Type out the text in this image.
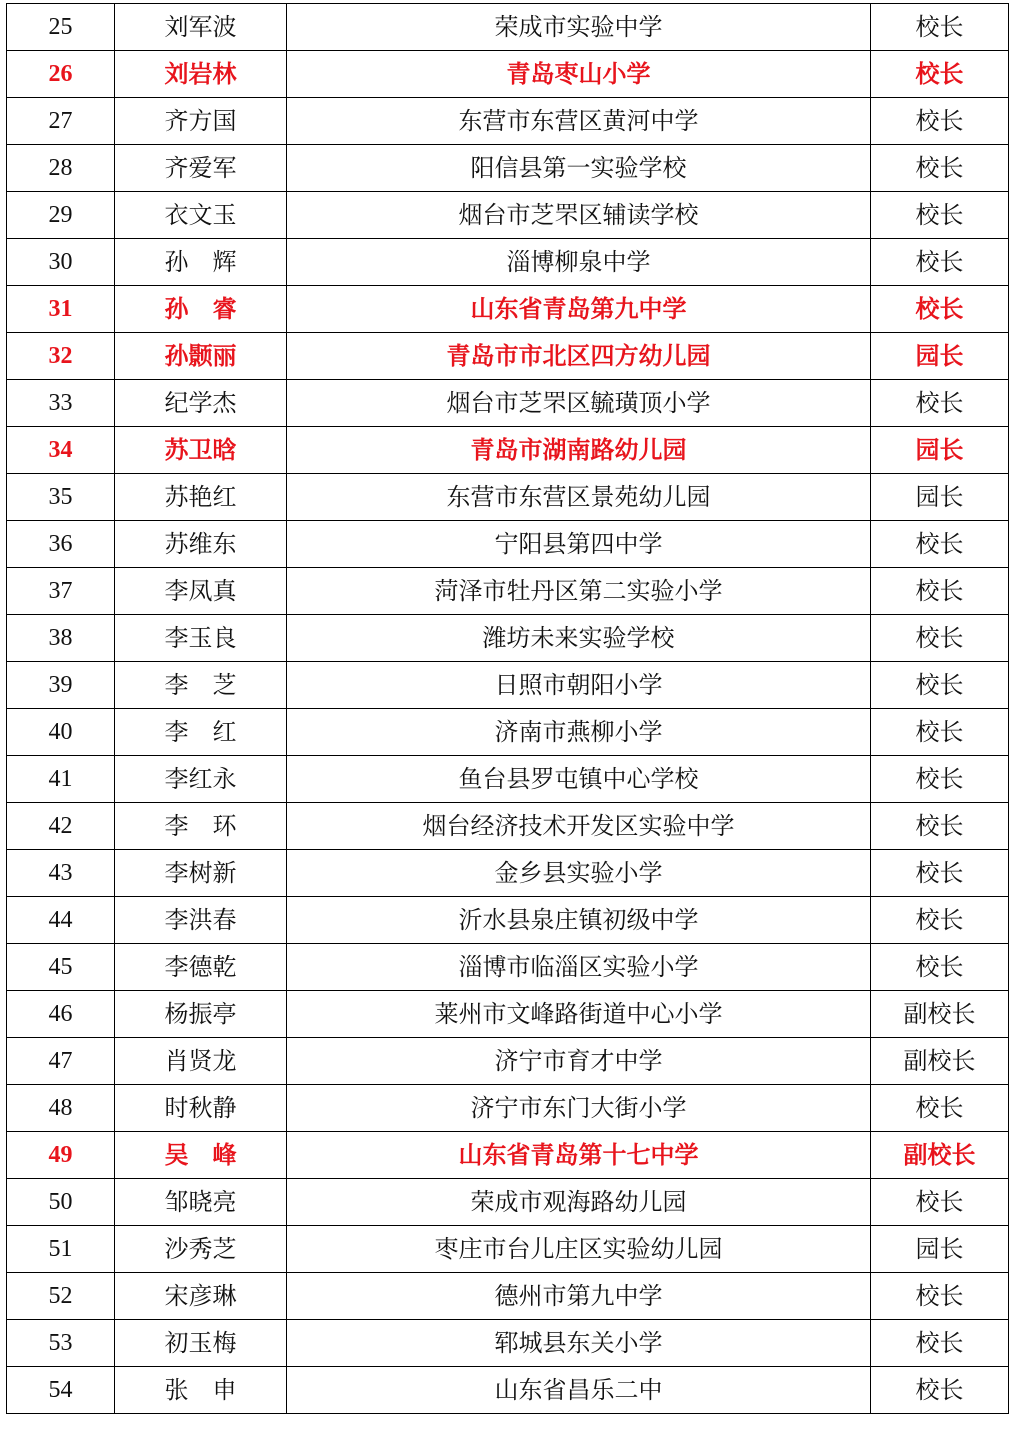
25	刘军波	荣成市实验中学	校长
26	刘岩林	青岛枣山小学	校长
27	齐方国	东营市东营区黄河中学	校长
28	齐爱军	阳信县第一实验学校	校长
29	衣文玉	烟台市芝罘区辅读学校	校长
30	孙　辉	淄博柳泉中学	校长
31	孙　睿	山东省青岛第九中学	校长
32	孙颢丽	青岛市市北区四方幼儿园	园长
33	纪学杰	烟台市芝罘区毓璜顶小学	校长
34	苏卫晗	青岛市湖南路幼儿园	园长
35	苏艳红	东营市东营区景苑幼儿园	园长
36	苏维东	宁阳县第四中学	校长
37	李凤真	菏泽市牡丹区第二实验小学	校长
38	李玉良	潍坊未来实验学校	校长
39	李　芝	日照市朝阳小学	校长
40	李　红	济南市燕柳小学	校长
41	李红永	鱼台县罗屯镇中心学校	校长
42	李　环	烟台经济技术开发区实验中学	校长
43	李树新	金乡县实验小学	校长
44	李洪春	沂水县泉庄镇初级中学	校长
45	李德乾	淄博市临淄区实验小学	校长
46	杨振亭	莱州市文峰路街道中心小学	副校长
47	肖贤龙	济宁市育才中学	副校长
48	时秋静	济宁市东门大街小学	校长
49	吴　峰	山东省青岛第十七中学	副校长
50	邹晓亮	荣成市观海路幼儿园	校长
51	沙秀芝	枣庄市台儿庄区实验幼儿园	园长
52	宋彦琳	德州市第九中学	校长
53	初玉梅	郓城县东关小学	校长
54	张　申	山东省昌乐二中	校长
